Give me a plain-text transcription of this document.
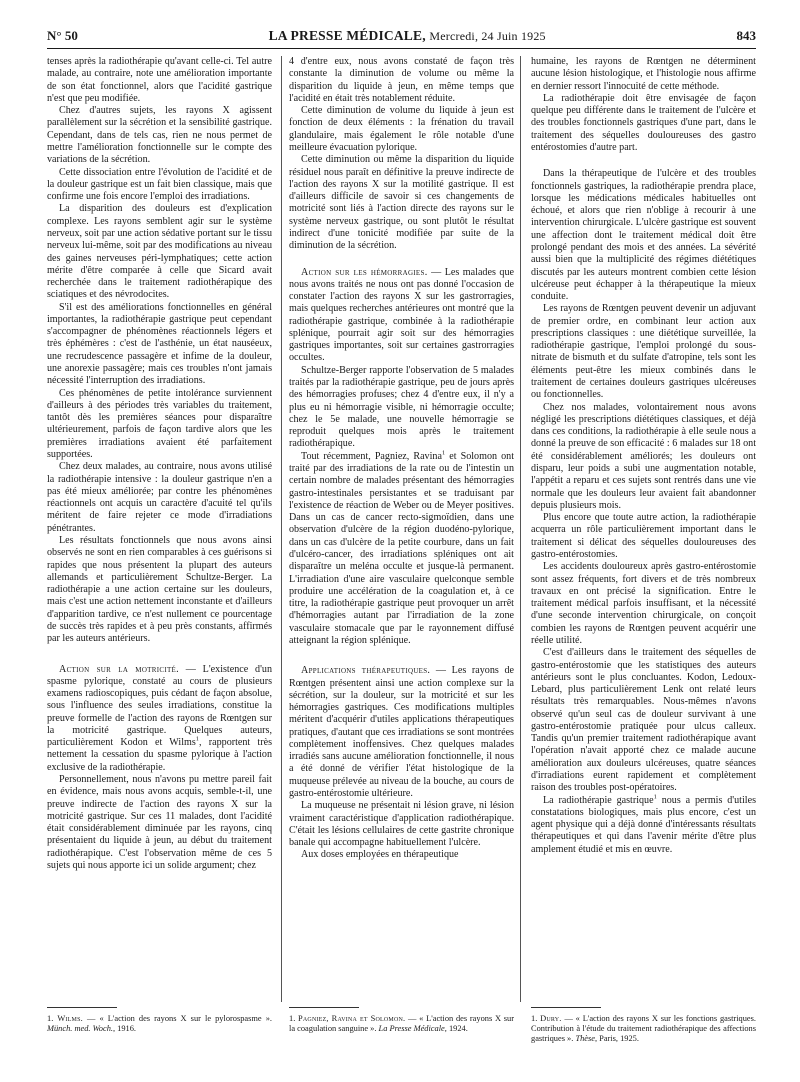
N° 50	LA PRESSE MÉDICALE, Mercredi, 24 Juin 1925	843

tenses après la radiothérapie qu'avant celle-ci. Tel autre malade, au contraire, note une amélioration importante de son état fonctionnel, alors que l'acidité gastrique n'est que peu modifiée.

Chez d'autres sujets, les rayons X agissent parallèlement sur la sécrétion et la sensibilité gastrique. Cependant, dans de tels cas, rien ne nous permet de mettre l'amélioration fonctionnelle sur le compte des variations de la sécrétion.

Cette dissociation entre l'évolution de l'acidité et de la douleur gastrique est un fait bien classique, mais que confirme une fois encore l'emploi des irradiations.

La disparition des douleurs est d'explication complexe. Les rayons semblent agir sur le système nerveux, soit par une action sédative portant sur le tissu nerveux lui-même, soit par des modifications au niveau des gaines nerveuses péri-lymphatiques; cette action mérite d'être comparée à celle que Sicard avait recherchée dans le traitement radiothérapique des sciatiques et des névrodocites.

S'il est des améliorations fonctionnelles en général importantes, la radiothérapie gastrique peut cependant s'accompagner de phénomènes réactionnels légers et très éphémères : c'est de l'asthénie, un état nauséeux, une recrudescence passagère et infime de la douleur, une anorexie passagère; mais ces troubles n'ont jamais nécessité l'interruption des irradiations.

Ces phénomènes de petite intolérance surviennent d'ailleurs à des périodes très variables du traitement, tantôt dès les premières séances pour disparaître ultérieurement, parfois de façon tardive alors que les premières irradiations avaient été parfaitement supportées.

Chez deux malades, au contraire, nous avons utilisé la radiothérapie intensive : la douleur gastrique n'en a pas été mieux améliorée; par contre les phénomènes réactionnels ont acquis un caractère d'acuité tel qu'ils méritent de faire rejeter ce mode d'irradiations pénétrantes.

Les résultats fonctionnels que nous avons ainsi observés ne sont en rien comparables à ces guérisons si rapides que nous présentent la plupart des auteurs allemands et particulièrement Schultze-Berger. La radiothérapie a une action certaine sur les douleurs, mais c'est une action nettement inconstante et d'ailleurs d'apparition tardive, ce n'est nullement ce pourcentage de succès très rapides et à peu près constants, affirmés par les auteurs antérieurs.

Action sur la motricité. — L'existence d'un spasme pylorique, constaté au cours de plusieurs examens radioscopiques, puis cédant de façon absolue, sous l'influence des seules irradiations, constitue la preuve formelle de l'action des rayons de Rœntgen sur la motricité gastrique. Quelques auteurs, particulièrement Kodon et Wilms$^1$, rapportent très nettement la cessation du spasme pylorique à l'action exclusive de la radiothérapie.

Personnellement, nous n'avons pu mettre pareil fait en évidence, mais nous avons acquis, semble-t-il, une preuve indirecte de l'action des rayons X sur la motricité gastrique. Sur ces 11 malades, dont l'acidité était considérablement diminuée par les rayons, cinq présentaient du liquide à jeun, au début du traitement radiothérapique. C'est l'observation même de ces 5 sujets qui nous apporte ici un solide argument; chez

1. Wilms. — « L'action des rayons X sur le pylorospasme ». Münch. med. Woch., 1916.

4 d'entre eux, nous avons constaté de façon très constante la diminution de volume ou même la disparition du liquide à jeun, en même temps que l'acidité en était très notablement réduite.

Cette diminution de volume du liquide à jeun est fonction de deux éléments : la frénation du travail glandulaire, mais également le rôle notable d'une meilleure évacuation pylorique.

Cette diminution ou même la disparition du liquide résiduel nous paraît en définitive la preuve indirecte de l'action des rayons X sur la motilité gastrique. Il est d'ailleurs difficile de savoir si ces changements de motricité sont liés à l'action directe des rayons sur le système nerveux gastrique, ou sont plutôt le résultat indirect d'une tonicité modifiée par suite de la diminution de la sécrétion.

Action sur les hémorragies. — Les malades que nous avons traités ne nous ont pas donné l'occasion de constater l'action des rayons X sur les gastrorragies, mais quelques recherches antérieures ont montré que la radiothérapie gastrique, combinée à la radiothérapie splénique, pourrait agir soit sur des hémorragies gastriques importantes, soit sur certaines gastrorragies occultes.

Schultze-Berger rapporte l'observation de 5 malades traités par la radiothérapie gastrique, peu de jours après des hémorragies profuses; chez 4 d'entre eux, il n'y a plus eu ni hémorragie visible, ni hémorragie occulte; chez le 5e malade, une nouvelle hémorragie se reproduit quelques mois après le traitement radiothérapique.

Tout récemment, Pagniez, Ravina$^1$ et Solomon ont traité par des irradiations de la rate ou de l'intestin un certain nombre de malades présentant des hémorragies gastro-intestinales persistantes et se traduisant par l'existence de réaction de Weber ou de Meyer positives. Dans un cas de cancer recto-sigmoïdien, dans une observation d'ulcère de la région duodéno-pylorique, dans un cas d'ulcère de la petite courbure, dans un fait d'ulcéro-cancer, des irradiations spléniques ont ait disparaître un meléna occulte et jusque-là permanent. L'irradiation d'une aire vasculaire quelconque semble produire une accélération de la coagulation et, à ce titre, la radiothérapie gastrique peut provoquer un arrêt d'hémorragies autant par l'irradiation de la zone vasculaire stomacale que par le rayonnement diffusé atteignant la région splénique.

Applications thérapeutiques. — Les rayons de Rœntgen présentent ainsi une action complexe sur la sécrétion, sur la douleur, sur la motricité et sur les hémorragies gastriques. Ces modifications multiples méritent d'acquérir d'utiles applications thérapeutiques pratiques, d'autant que ces irradiations se sont montrées complètement inoffensives. Chez quelques malades irradiés sans aucune amélioration fonctionnelle, il nous a été donné de vérifier l'état histologique de la muqueuse prélevée au niveau de la bouche, au cours de gastro-entérostomie ultérieure.

La muqueuse ne présentait ni lésion grave, ni lésion vraiment caractéristique d'application radiothérapique. C'était les lésions cellulaires de cette gastrite chronique banale qui accompagne habituellement l'ulcère.

Aux doses employées en thérapeutique

1. Pagniez, Ravina et Solomon. — « L'action des rayons X sur la coagulation sanguine ». La Presse Médicale, 1924.

humaine, les rayons de Rœntgen ne déterminent aucune lésion histologique, et l'histologie nous affirme en dernier ressort l'innocuité de cette méthode.

La radiothérapie doit être envisagée de façon quelque peu différente dans le traitement de l'ulcère et des troubles fonctionnels gastriques d'une part, dans le traitement des séquelles douloureuses des gastro entérostomies d'autre part.

Dans la thérapeutique de l'ulcère et des troubles fonctionnels gastriques, la radiothérapie prendra place, lorsque les médications médicales habituelles ont échoué, et alors que rien n'oblige à recourir à une intervention chirurgicale. L'ulcère gastrique est souvent une affection dont le traitement médical doit être prolongé pendant des mois et des années. La sévérité aussi bien que la multiplicité des régimes diététiques discutés par les auteurs montrent combien cette lésion ulcéreuse peut échapper à la thérapeutique la mieux conduite.

Les rayons de Rœntgen peuvent devenir un adjuvant de premier ordre, en combinant leur action aux prescriptions classiques : une diététique surveillée, la radiothérapie gastrique, l'emploi prolongé du sous-nitrate de bismuth et du sulfate d'atropine, tels sont les éléments peut-être les mieux combinés dans le traitement de certaines douleurs gastriques ulcéreuses ou fonctionnelles.

Chez nos malades, volontairement nous avons négligé les prescriptions diététiques classiques, et déjà dans ces conditions, la radiothérapie à elle seule nous a donné la preuve de son efficacité : 6 malades sur 18 ont été considérablement améliorés; les douleurs ont disparu, leur poids a subi une augmentation notable, l'appétit a reparu et ces sujets sont rentrés dans une vie normale que les douleurs leur avaient fait abandonner depuis plusieurs mois.

Plus encore que toute autre action, la radiothérapie acquerra un rôle particulièrement important dans le traitement si délicat des séquelles douloureuses des gastro-entérostomies.

Les accidents douloureux après gastro-entérostomie sont assez fréquents, fort divers et de très nombreux travaux en ont précisé la signification. Entre le traitement médical parfois insuffisant, et la nécessité d'une seconde intervention chirurgicale, on conçoit combien les rayons de Rœntgen peuvent acquérir une réelle utilité.

C'est d'ailleurs dans le traitement des séquelles de gastro-entérostomie que les statistiques des auteurs antérieurs sont le plus concluantes. Kodon, Ledoux-Lebard, plus particulièrement Lenk ont relaté leurs résultats très remarquables. Nous-mêmes n'avons observé qu'un seul cas de douleur survivant à une gastro-entérostomie pratiquée pour ulcus calleux. Tandis qu'un premier traitement radiothérapique avant l'opération n'avait apporté chez ce malade aucune amélioration aux douleurs ulcéreuses, quatre séances d'irradiations eurent rapidement et complètement raison des troubles post-opératoires.

La radiothérapie gastrique$^1$ nous a permis d'utiles constatations biologiques, mais plus encore, c'est un agent physique qui a déjà donné d'intéressants résultats thérapeutiques et qui dans l'avenir mérite d'être plus amplement étudié et mis en œuvre.

1. Dury. — « L'action des rayons X sur les fonctions gastriques. Contribution à l'étude du traitement radiothérapique des affections gastriques ». Thèse, Paris, 1925.
